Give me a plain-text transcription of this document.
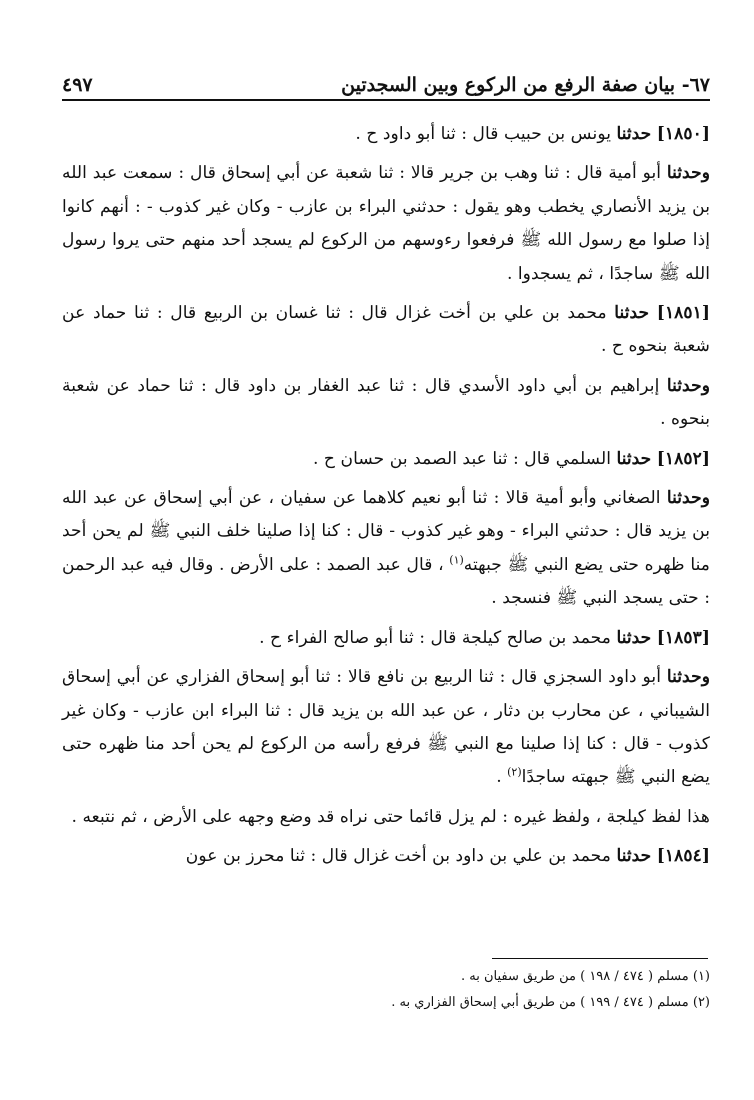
٦٧- بيان صفة الرفع من الركوع وبين السجدتين
٤٩٧

[١٨٥٠] حدثنا يونس بن حبيب قال : ثنا أبو داود ح .

وحدثنا أبو أمية قال : ثنا وهب بن جرير قالا : ثنا شعبة عن أبي إسحاق قال : سمعت عبد الله بن يزيد الأنصاري يخطب وهو يقول : حدثني البراء بن عازب - وكان غير كذوب - : أنهم كانوا إذا صلوا مع رسول الله ﷺ فرفعوا رءوسهم من الركوع لم يسجد أحد منهم حتى يروا رسول الله ﷺ ساجدًا ، ثم يسجدوا .

[١٨٥١] حدثنا محمد بن علي بن أخت غزال قال : ثنا غسان بن الربيع قال : ثنا حماد عن شعبة بنحوه ح .

وحدثنا إبراهيم بن أبي داود الأسدي قال : ثنا عبد الغفار بن داود قال : ثنا حماد عن شعبة بنحوه .

[١٨٥٢] حدثنا السلمي قال : ثنا عبد الصمد بن حسان ح .

وحدثنا الصغاني وأبو أمية قالا : ثنا أبو نعيم كلاهما عن سفيان ، عن أبي إسحاق عن عبد الله بن يزيد قال : حدثني البراء - وهو غير كذوب - قال : كنا إذا صلينا خلف النبي ﷺ لم يحن أحد منا ظهره حتى يضع النبي ﷺ جبهته$^{(١)}$ ، قال عبد الصمد : على الأرض . وقال فيه عبد الرحمن : حتى يسجد النبي ﷺ فنسجد .

[١٨٥٣] حدثنا محمد بن صالح كيلجة قال : ثنا أبو صالح الفراء ح .

وحدثنا أبو داود السجزي قال : ثنا الربيع بن نافع قالا : ثنا أبو إسحاق الفزاري عن أبي إسحاق الشيباني ، عن محارب بن دثار ، عن عبد الله بن يزيد قال : ثنا البراء ابن عازب - وكان غير كذوب - قال : كنا إذا صلينا مع النبي ﷺ فرفع رأسه من الركوع لم يحن أحد منا ظهره حتى يضع النبي ﷺ جبهته ساجدًا$^{(٢)}$ .

هذا لفظ كيلجة ، ولفظ غيره : لم يزل قائما حتى نراه قد وضع وجهه على الأرض ، ثم نتبعه .

[١٨٥٤] حدثنا محمد بن علي بن داود بن أخت غزال قال : ثنا محرز بن عون

(١) مسلم ( ٤٧٤ / ١٩٨ ) من طريق سفيان به .

(٢) مسلم ( ٤٧٤ / ١٩٩ ) من طريق أبي إسحاق الفزاري به .
